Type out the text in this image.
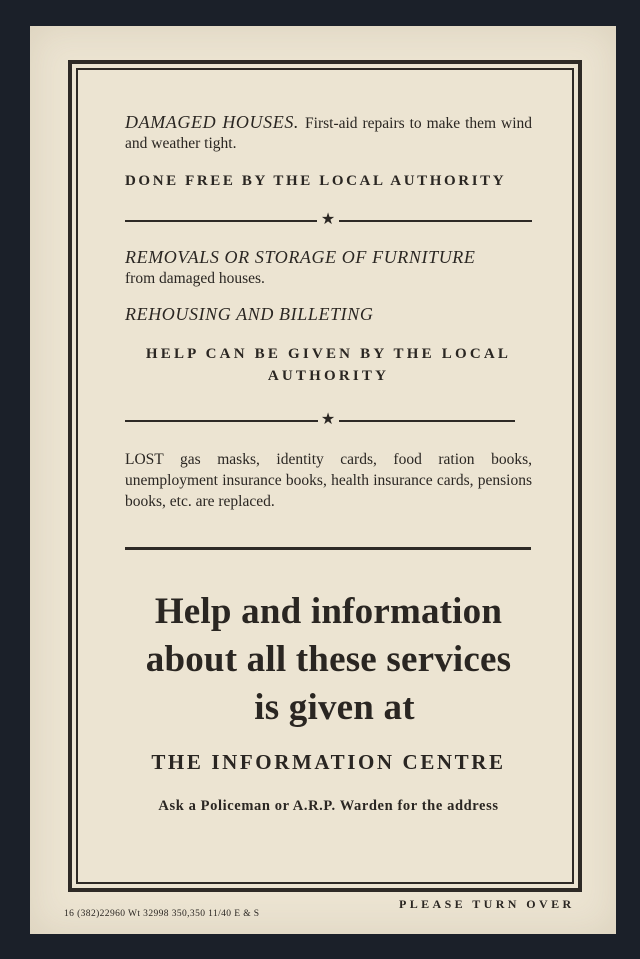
DAMAGED HOUSES. First-aid repairs to make them wind and weather tight.

DONE FREE BY THE LOCAL AUTHORITY

★

REMOVALS OR STORAGE OF FURNITURE

from damaged houses.

REHOUSING AND BILLETING

HELP CAN BE GIVEN BY THE LOCAL

AUTHORITY

★

LOST gas masks, identity cards, food ration books, unemployment insurance books, health insurance cards, pensions books, etc. are replaced.

Help and information

about all these services

is given at

THE INFORMATION CENTRE

Ask a Policeman or A.R.P. Warden for the address

16 (382)22960 Wt 32998 350,350 11/40 E & S
PLEASE TURN OVER
